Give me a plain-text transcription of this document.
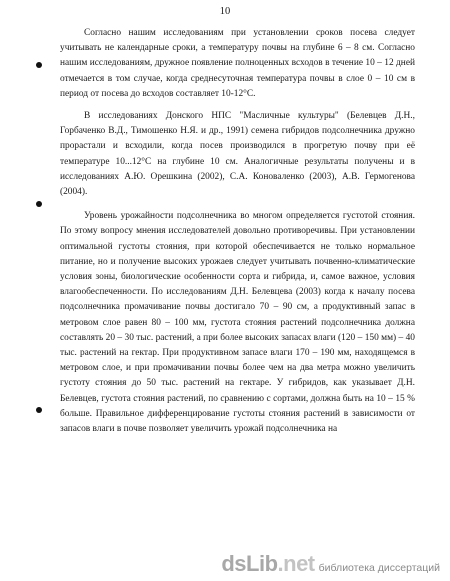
10

Согласно нашим исследованиям при установлении сроков посева следует учитывать не календарные сроки, а температуру почвы на глубине 6 – 8 см. Согласно нашим исследованиям, дружное появление полноценных всходов в течение 10 – 12 дней отмечается в том случае, когда среднесуточная температура почвы в слое 0 – 10 см в период от посева до всходов составляет 10-12°С.

В исследованиях Донского НПС "Масличные культуры" (Белевцев Д.Н., Горбаченко В.Д., Тимошенко Н.Я. и др., 1991) семена гибридов подсолнечника дружно прорастали и всходили, когда посев производился в прогретую почву при её температуре 10...12°С на глубине 10 см. Аналогичные результаты получены и в исследованиях А.Ю. Орешкина (2002), С.А. Коноваленко (2003), А.В. Гермогенова (2004).

Уровень урожайности подсолнечника во многом определяется густотой стояния. По этому вопросу мнения исследователей довольно противоречивы. При установлении оптимальной густоты стояния, при которой обеспечивается не только нормальное питание, но и получение высоких урожаев следует учитывать почвенно-климатические условия зоны, биологические особенности сорта и гибрида, и, самое важное, условия влагообеспеченности. По исследованиям Д.Н. Белевцева (2003) когда к началу посева подсолнечника промачивание почвы достигало 70 – 90 см, а продуктивный запас в метровом слое равен 80 – 100 мм, густота стояния растений подсолнечника должна составлять 20 – 30 тыс. растений, а при более высоких запасах влаги (120 – 150 мм) – 40 тыс. растений на гектар. При продуктивном запасе влаги 170 – 190 мм, находящемся в метровом слое, и при промачивании почвы более чем на два метра можно увеличить густоту стояния до 50 тыс. растений на гектаре. У гибридов, как указывает Д.Н. Белевцев, густота стояния растений, по сравнению с сортами, должна быть на 10 – 15 % больше. Правильное дифференцирование густоты стояния растений в зависимости от запасов влаги в почве позволяет увеличить урожай подсолнечника на

dsLib.net библиотека диссертаций
